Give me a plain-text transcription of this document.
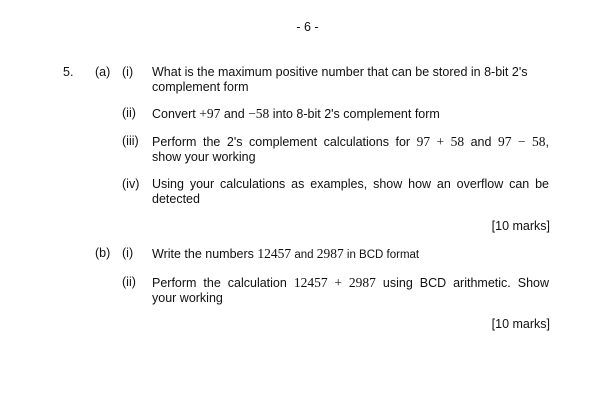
- 6 -
5. (a) (i) What is the maximum positive number that can be stored in 8-bit 2's
complement form
(ii) Convert +97 and −58 into 8-bit 2's complement form
(iii) Perform the 2's complement calculations for 97 + 58 and 97 − 58,
show your working
(iv) Using your calculations as examples, show how an overflow can be
detected
[10 marks]
(b) (i) Write the numbers 12457 and 2987 in BCD format
(ii) Perform the calculation 12457 + 2987 using BCD arithmetic. Show
your working
[10 marks]
